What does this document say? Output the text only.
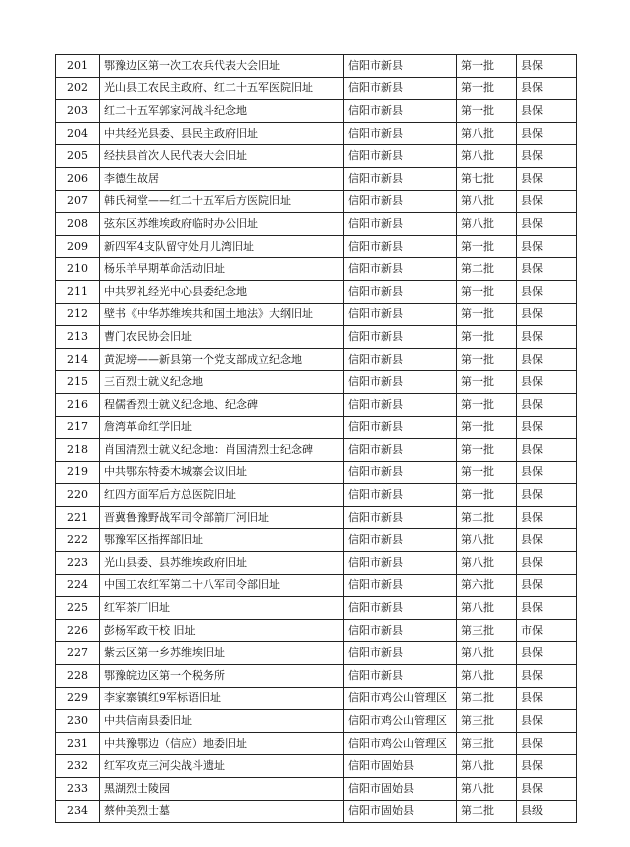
201	鄂豫边区第一次工农兵代表大会旧址	信阳市新县	第一批	县保
202	光山县工农民主政府、红二十五军医院旧址	信阳市新县	第一批	县保
203	红二十五军郭家河战斗纪念地	信阳市新县	第一批	县保
204	中共经光县委、县民主政府旧址	信阳市新县	第八批	县保
205	经扶县首次人民代表大会旧址	信阳市新县	第八批	县保
206	李德生故居	信阳市新县	第七批	县保
207	韩氏祠堂——红二十五军后方医院旧址	信阳市新县	第八批	县保
208	弦东区苏维埃政府临时办公旧址	信阳市新县	第八批	县保
209	新四军4支队留守处月儿湾旧址	信阳市新县	第一批	县保
210	杨乐羊早期革命活动旧址	信阳市新县	第二批	县保
211	中共罗礼经光中心县委纪念地	信阳市新县	第一批	县保
212	壁书《中华苏维埃共和国土地法》大纲旧址	信阳市新县	第一批	县保
213	曹门农民协会旧址	信阳市新县	第一批	县保
214	黄泥塝——新县第一个党支部成立纪念地	信阳市新县	第一批	县保
215	三百烈士就义纪念地	信阳市新县	第一批	县保
216	程儒香烈士就义纪念地、纪念碑	信阳市新县	第一批	县保
217	詹湾革命红学旧址	信阳市新县	第一批	县保
218	肖国清烈士就义纪念地：肖国清烈士纪念碑	信阳市新县	第一批	县保
219	中共鄂东特委木城寨会议旧址	信阳市新县	第一批	县保
220	红四方面军后方总医院旧址	信阳市新县	第一批	县保
221	晋冀鲁豫野战军司令部箭厂河旧址	信阳市新县	第二批	县保
222	鄂豫军区指挥部旧址	信阳市新县	第八批	县保
223	光山县委、县苏维埃政府旧址	信阳市新县	第八批	县保
224	中国工农红军第二十八军司令部旧址	信阳市新县	第六批	县保
225	红军茶厂旧址	信阳市新县	第八批	县保
226	彭杨军政干校 旧址	信阳市新县	第三批	市保
227	紫云区第一乡苏维埃旧址	信阳市新县	第八批	县保
228	鄂豫皖边区第一个税务所	信阳市新县	第八批	县保
229	李家寨镇红9军标语旧址	信阳市鸡公山管理区	第二批	县保
230	中共信南县委旧址	信阳市鸡公山管理区	第三批	县保
231	中共豫鄂边（信应）地委旧址	信阳市鸡公山管理区	第三批	县保
232	红军攻克三河尖战斗遗址	信阳市固始县	第八批	县保
233	黑湖烈士陵园	信阳市固始县	第八批	县保
234	蔡仲美烈士墓	信阳市固始县	第二批	县级
